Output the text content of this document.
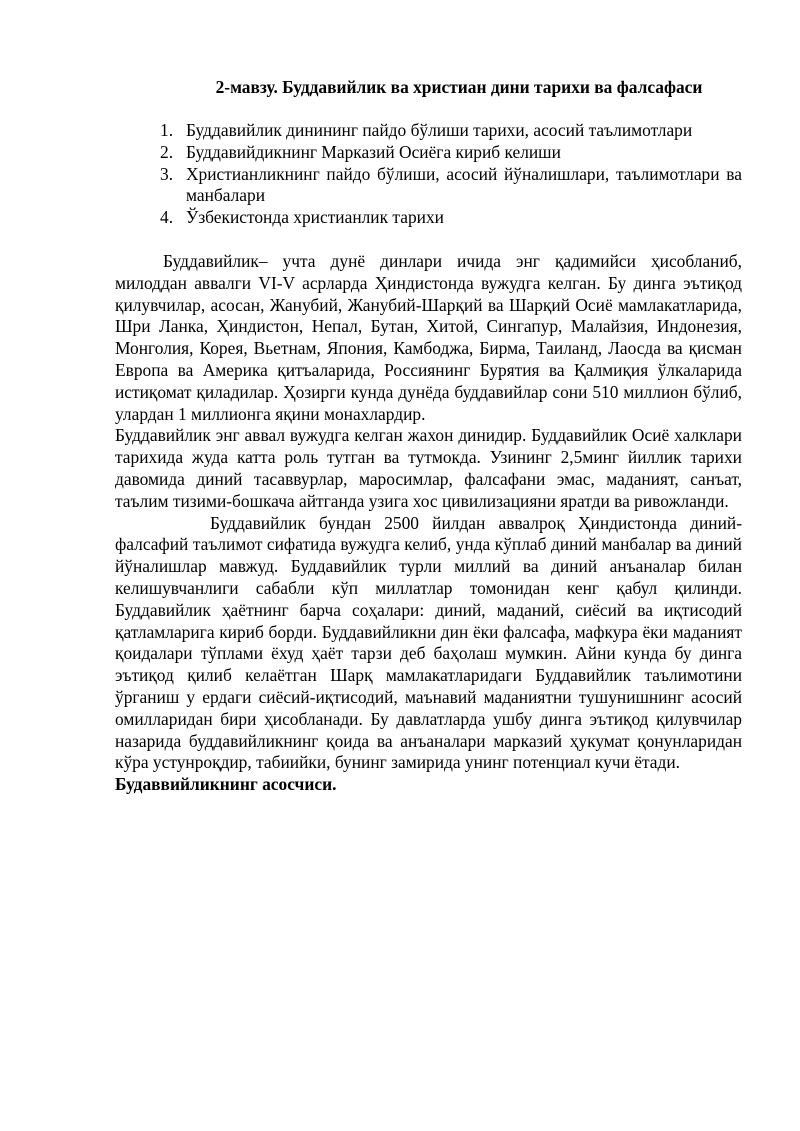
2-мавзу. Буддавийлик ва христиан дини тарихи ва фалсафаси
1. Буддавийлик динининг пайдо бўлиши тарихи, асосий таълимотлари
2. Буддавийдикнинг Марказий Осиёга кириб келиши
3. Христианликнинг пайдо бўлиши, асосий йўналишлари, таълимотлари ва манбалари
4. Ўзбекистонда христианлик тарихи

Буддавийлик– учта дунё динлари ичида энг қадимийси ҳисобланиб, милоддан аввалги VI-V асрларда Ҳиндистонда вужудга келган. Бу динга эътиқод қилувчилар, асосан, Жанубий, Жанубий-Шарқий ва Шарқий Осиё мамлакатларида, Шри Ланка, Ҳиндистон, Непал, Бутан, Хитой, Сингапур, Малайзия, Индонезия, Монголия, Корея, Вьетнам, Япония, Камбоджа, Бирма, Таиланд, Лаосда ва қисман Европа ва Америка қитъаларида, Россиянинг Бурятия ва Қалмиқия ўлкаларида истиқомат қиладилар. Ҳозирги кунда дунёда буддавийлар сони 510 миллион бўлиб, улардан 1 миллионга яқини монахлардир.

Буддавийлик энг аввал вужудга келган жахон динидир. Буддавийлик Осиё халклари тарихида жуда катта роль тутган ва тутмокда. Узининг 2,5минг йиллик тарихи давомида диний тасаввурлар, маросимлар, фалсафани эмас, маданият, санъат, таълим тизими-бошкача айтганда узига хос цивилизацияни яратди ва ривожланди.

Буддавийлик бундан 2500 йилдан аввалроқ Ҳиндистонда диний-фалсафий таълимот сифатида вужудга келиб, унда кўплаб диний манбалар ва диний йўналишлар мавжуд. Буддавийлик турли миллий ва диний анъаналар билан келишувчанлиги сабабли кўп миллатлар томонидан кенг қабул қилинди. Буддавийлик ҳаётнинг барча соҳалари: диний, маданий, сиёсий ва иқтисодий қатламларига кириб борди. Буддавийликни дин ёки фалсафа, мафкура ёки маданият қоидалари тўплами ёхуд ҳаёт тарзи деб баҳолаш мумкин. Айни кунда бу динга эътиқод қилиб келаётган Шарқ мамлакатларидаги Буддавийлик таълимотини ўрганиш у ердаги сиёсий-иқтисодий, маънавий маданиятни тушунишнинг асосий омилларидан бири ҳисобланади. Бу давлатларда ушбу динга эътиқод қилувчилар назарида буддавийликнинг қоида ва анъаналари марказий ҳукумат қонунларидан кўра устунроқдир, табиийки, бунинг замирида унинг потенциал кучи ётади.

Будаввийликнинг асосчиси.
